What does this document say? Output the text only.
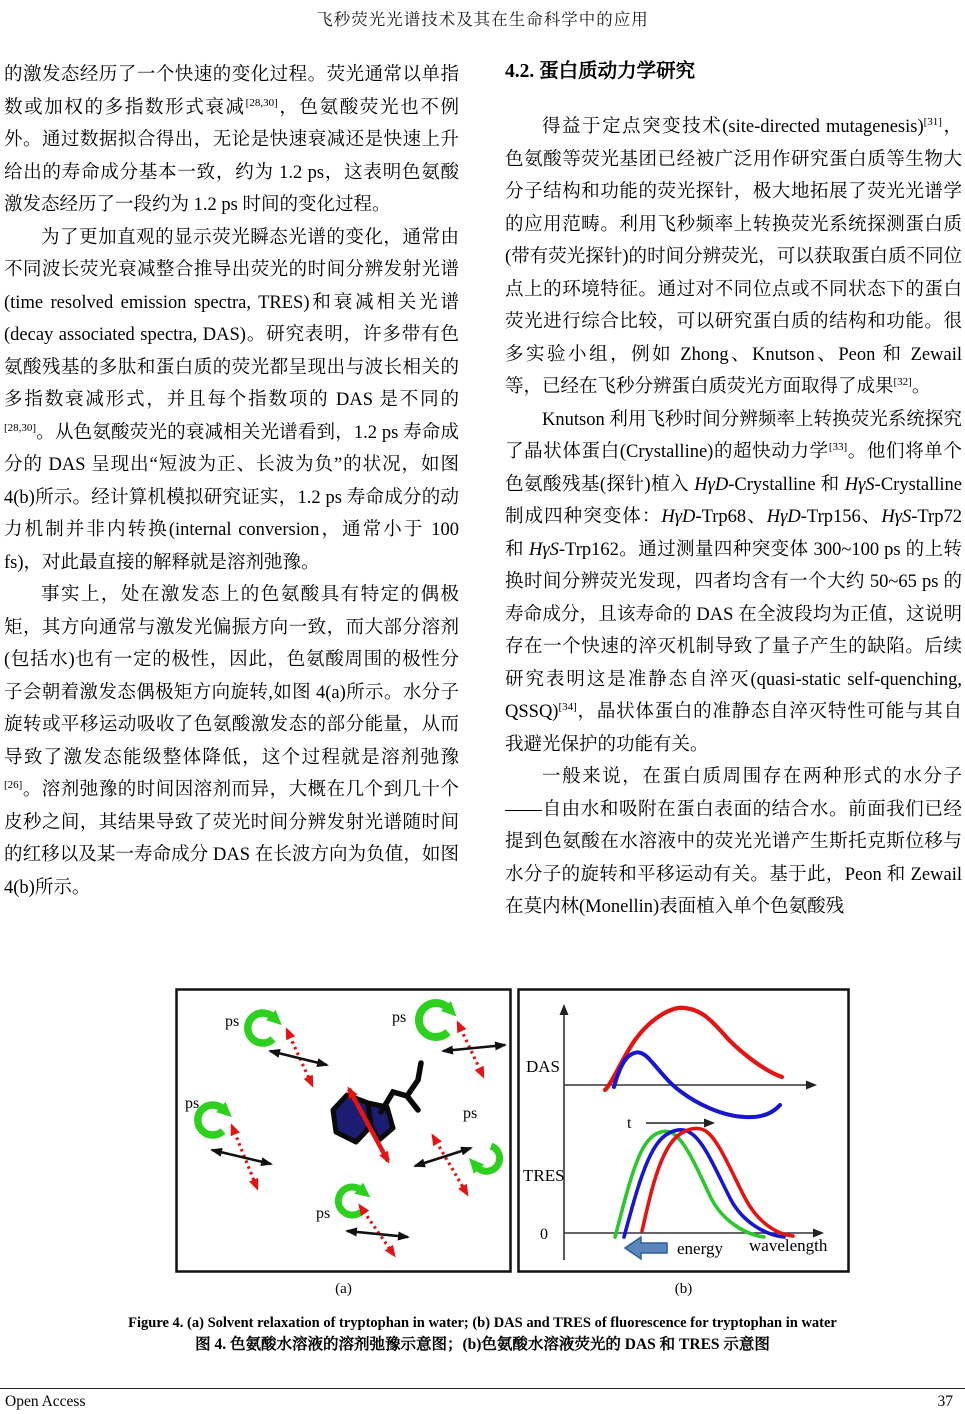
飞秒荧光光谱技术及其在生命科学中的应用

的激发态经历了一个快速的变化过程。荧光通常以单指数或加权的多指数形式衰减[28,30]，色氨酸荧光也不例外。通过数据拟合得出，无论是快速衰减还是快速上升给出的寿命成分基本一致，约为 1.2 ps，这表明色氨酸激发态经历了一段约为 1.2 ps 时间的变化过程。

为了更加直观的显示荧光瞬态光谱的变化，通常由不同波长荧光衰减整合推导出荧光的时间分辨发射光谱(time resolved emission spectra, TRES)和衰减相关光谱(decay associated spectra, DAS)。研究表明，许多带有色氨酸残基的多肽和蛋白质的荧光都呈现出与波长相关的多指数衰减形式，并且每个指数项的 DAS 是不同的[28,30]。从色氨酸荧光的衰减相关光谱看到，1.2 ps 寿命成分的 DAS 呈现出“短波为正、长波为负”的状况，如图 4(b)所示。经计算机模拟研究证实，1.2 ps 寿命成分的动力机制并非内转换(internal conversion，通常小于 100 fs)，对此最直接的解释就是溶剂弛豫。

事实上，处在激发态上的色氨酸具有特定的偶极矩，其方向通常与激发光偏振方向一致，而大部分溶剂(包括水)也有一定的极性，因此，色氨酸周围的极性分子会朝着激发态偶极矩方向旋转,如图 4(a)所示。水分子旋转或平移运动吸收了色氨酸激发态的部分能量，从而导致了激发态能级整体降低，这个过程就是溶剂弛豫[26]。溶剂弛豫的时间因溶剂而异，大概在几个到几十个皮秒之间，其结果导致了荧光时间分辨发射光谱随时间的红移以及某一寿命成分 DAS 在长波方向为负值，如图 4(b)所示。

4.2. 蛋白质动力学研究

得益于定点突变技术(site-directed mutagenesis)[31]，色氨酸等荧光基团已经被广泛用作研究蛋白质等生物大分子结构和功能的荧光探针，极大地拓展了荧光光谱学的应用范畴。利用飞秒频率上转换荧光系统探测蛋白质(带有荧光探针)的时间分辨荧光，可以获取蛋白质不同位点上的环境特征。通过对不同位点或不同状态下的蛋白荧光进行综合比较，可以研究蛋白质的结构和功能。很多实验小组，例如 Zhong、Knutson、Peon 和 Zewail 等，已经在飞秒分辨蛋白质荧光方面取得了成果[32]。

Knutson 利用飞秒时间分辨频率上转换荧光系统探究了晶状体蛋白(Crystalline)的超快动力学[33]。他们将单个色氨酸残基(探针)植入 HγD-Crystalline 和 HγS-Crystalline 制成四种突变体：HγD-Trp68、HγD-Trp156、HγS-Trp72 和 HγS-Trp162。通过测量四种突变体 300~100 ps 的上转换时间分辨荧光发现，四者均含有一个大约 50~65 ps 的寿命成分，且该寿命的 DAS 在全波段均为正值，这说明存在一个快速的淬灭机制导致了量子产生的缺陷。后续研究表明这是准静态自淬灭(quasi-static self-quenching, QSSQ)[34]，晶状体蛋白的准静态自淬灭特性可能与其自我避光保护的功能有关。

一般来说，在蛋白质周围存在两种形式的水分子——自由水和吸附在蛋白表面的结合水。前面我们已经提到色氨酸在水溶液中的荧光光谱产生斯托克斯位移与水分子的旋转和平移运动有关。基于此，Peon 和 Zewail 在莫内林(Monellin)表面植入单个色氨酸残

ps	ps
ps
ps
ps
DAS
t
TRES
0
energy wavelength
(a)	(b)
Figure 4. (a) Solvent relaxation of tryptophan in water; (b) DAS and TRES of fluorescence for tryptophan in water
图 4. 色氨酸水溶液的溶剂弛豫示意图；(b)色氨酸水溶液荧光的 DAS 和 TRES 示意图
Open Access	37
